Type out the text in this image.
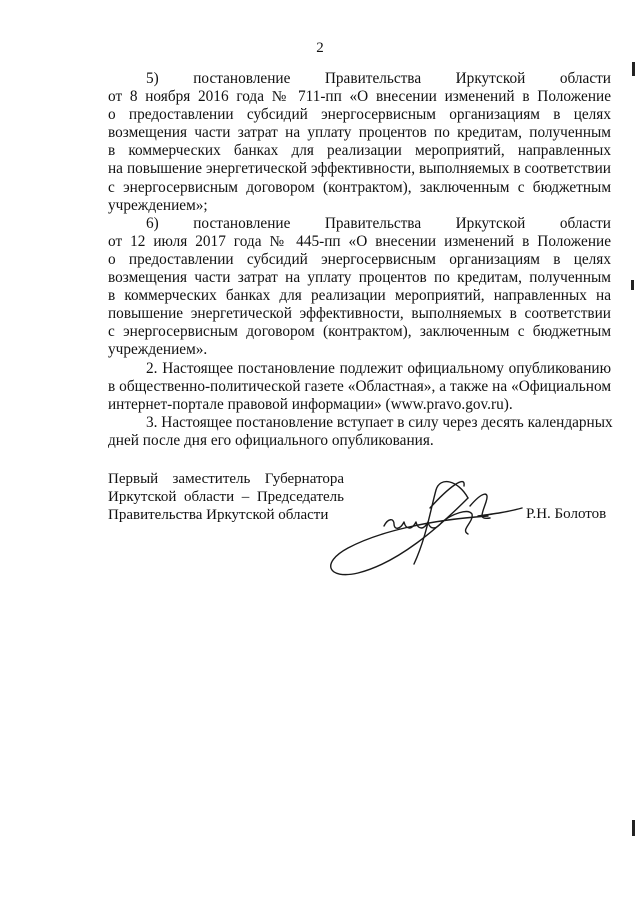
2
5) постановление Правительства Иркутской области
от 8 ноября 2016 года № 711-пп «О внесении изменений в Положение
о предоставлении субсидий энергосервисным организациям в целях
возмещения части затрат на уплату процентов по кредитам, полученным
в коммерческих банках для реализации мероприятий, направленных
на повышение энергетической эффективности, выполняемых в соответствии
с энергосервисным договором (контрактом), заключенным с бюджетным
учреждением»;
6) постановление Правительства Иркутской области
от 12 июля 2017 года № 445-пп «О внесении изменений в Положение
о предоставлении субсидий энергосервисным организациям в целях
возмещения части затрат на уплату процентов по кредитам, полученным
в коммерческих банках для реализации мероприятий, направленных на
повышение энергетической эффективности, выполняемых в соответствии
с энергосервисным договором (контрактом), заключенным с бюджетным
учреждением».
2. Настоящее постановление подлежит официальному опубликованию
в общественно-политической газете «Областная», а также на «Официальном
интернет-портале правовой информации» (www.pravo.gov.ru).
3. Настоящее постановление вступает в силу через десять календарных
дней после дня его официального опубликования.
Первый заместитель Губернатора
Иркутской области – Председатель
Правительства Иркутской области	Р.Н. Болотов
